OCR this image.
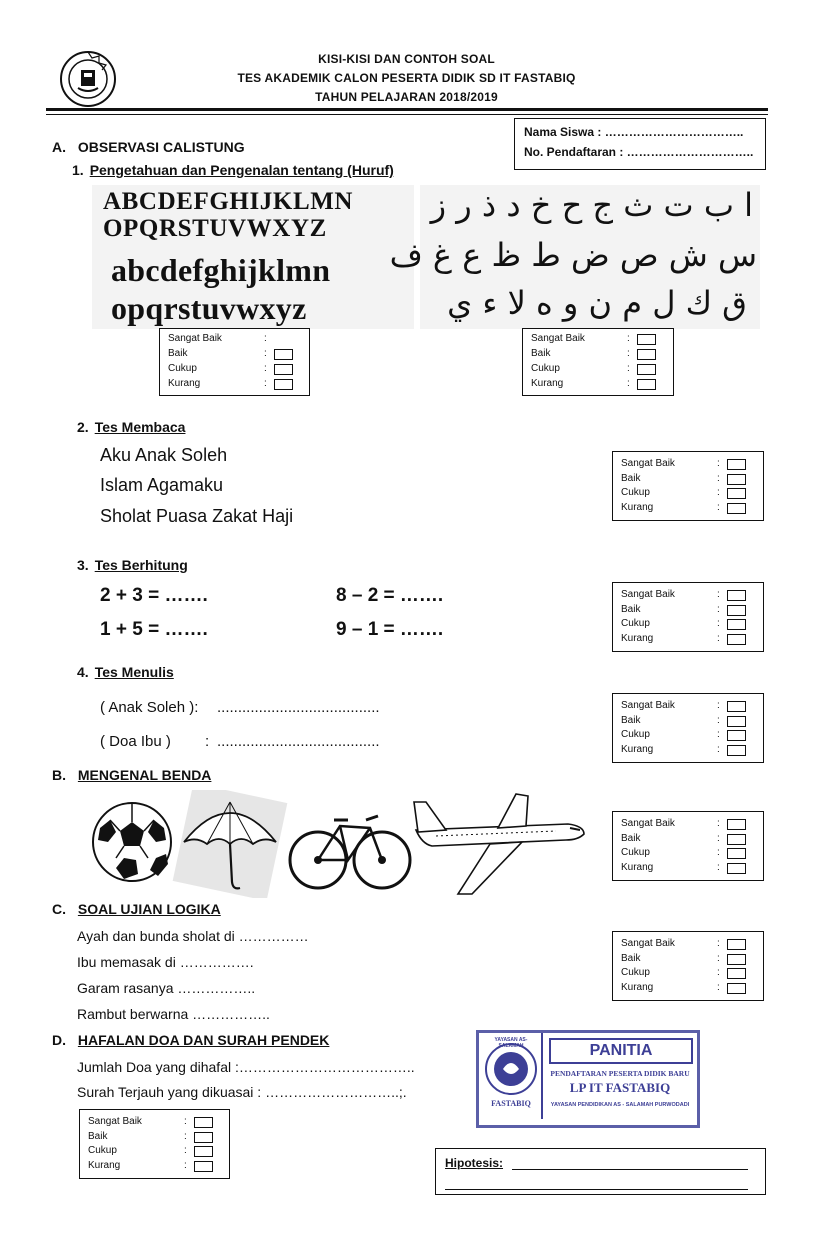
KISI-KISI DAN CONTOH SOAL
TES AKADEMIK CALON PESERTA DIDIK SD IT FASTABIQ
TAHUN PELAJARAN 2018/2019
Nama Siswa : ……………………………..
No. Pendaftaran : …………………………..
A. OBSERVASI CALISTUNG
1. Pengetahuan dan Pengenalan tentang (Huruf)
ABCDEFGHIJKLMN
OPQRSTUVWXYZ
abcdefghijklmn
opqrstuvwxyz
ا ب ت ث ج ح خ د ذ ر ز
س ش ص ض ط ظ ع غ ف
ق ك ل م ن و ه لا ء ي
Sangat Baik	:
Baik	:
Cukup	:
Kurang	:
Sangat Baik	:
Baik	:
Cukup	:
Kurang	:
2. Tes Membaca
Aku Anak Soleh
Islam Agamaku
Sholat Puasa Zakat Haji
Sangat Baik	:
Baik	:
Cukup	:
Kurang	:
3. Tes Berhitung
2 + 3 = …….	8 – 2 = …….
1 + 5 = …….	9 – 1 = …….
Sangat Baik	:
Baik	:
Cukup	:
Kurang	:
4. Tes Menulis
( Anak Soleh ): .......................................
( Doa Ibu ) : .......................................
Sangat Baik	:
Baik	:
Cukup	:
Kurang	:
B. MENGENAL BENDA
Sangat Baik	:
Baik	:
Cukup	:
Kurang	:
C. SOAL UJIAN LOGIKA
Ayah dan bunda sholat di ……………
Ibu memasak di …………….
Garam rasanya ……………..
Rambut berwarna ……………..
Sangat Baik	:
Baik	:
Cukup	:
Kurang	:
D. HAFALAN DOA DAN SURAH PENDEK
Jumlah Doa yang dihafal :………………………………..
Surah Terjauh yang dikuasai : ………………………..;.
Sangat Baik	:
Baik	:
Cukup	:
Kurang	:
YAYASAN AS-SALAMAH
FASTABIQ
PANITIA
PENDAFTARAN PESERTA DIDIK BARU
LP IT FASTABIQ
YAYASAN PENDIDIKAN AS - SALAMAH PURWODADI
Hipotesis:
